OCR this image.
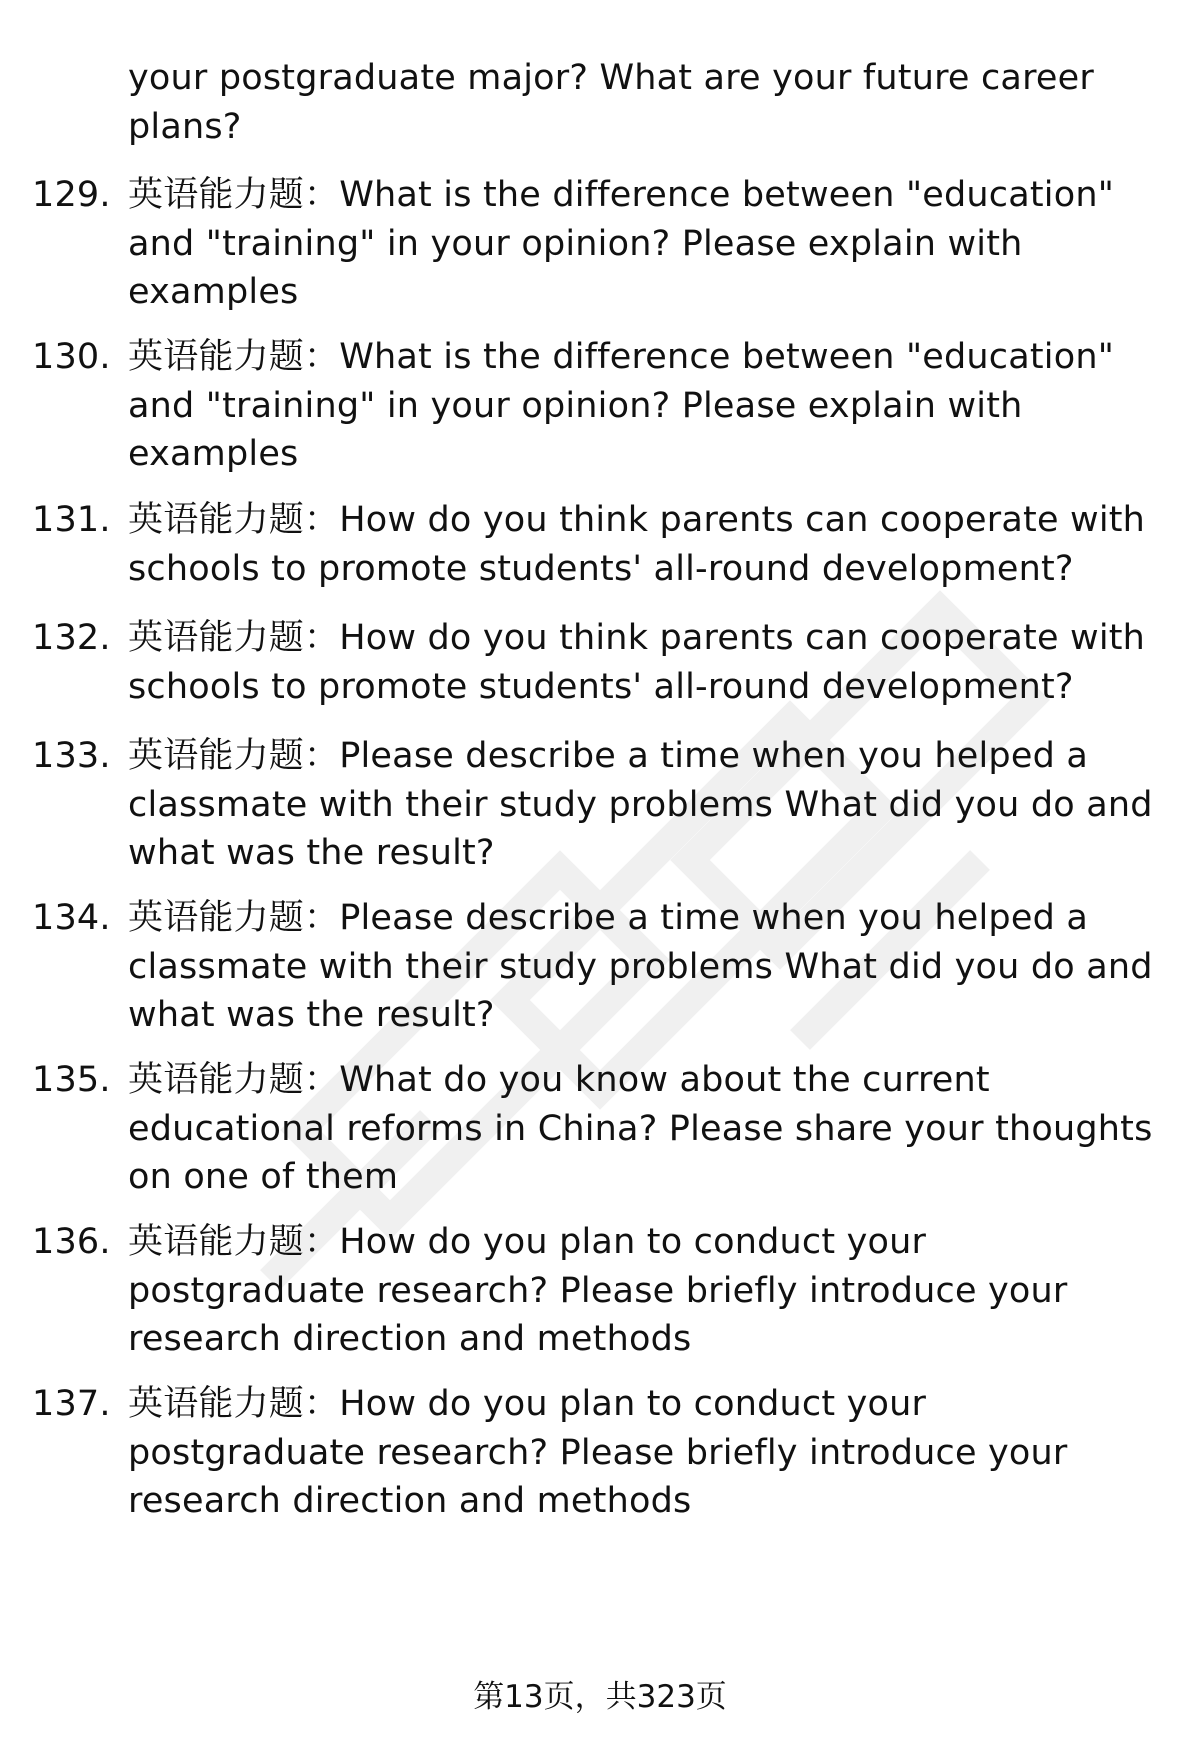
your postgraduate major? What are your future career plans?
129. 英语能力题：What is the difference between "education" and "training" in your opinion? Please explain with examples
130. 英语能力题：What is the difference between "education" and "training" in your opinion? Please explain with examples
131. 英语能力题：How do you think parents can cooperate with schools to promote students' all-round development?
132. 英语能力题：How do you think parents can cooperate with schools to promote students' all-round development?
133. 英语能力题：Please describe a time when you helped a classmate with their study problems What did you do and what was the result?
134. 英语能力题：Please describe a time when you helped a classmate with their study problems What did you do and what was the result?
135. 英语能力题：What do you know about the current educational reforms in China? Please share your thoughts on one of them
136. 英语能力题：How do you plan to conduct your postgraduate research? Please briefly introduce your research direction and methods
137. 英语能力题：How do you plan to conduct your postgraduate research? Please briefly introduce your research direction and methods
第13页，共323页
